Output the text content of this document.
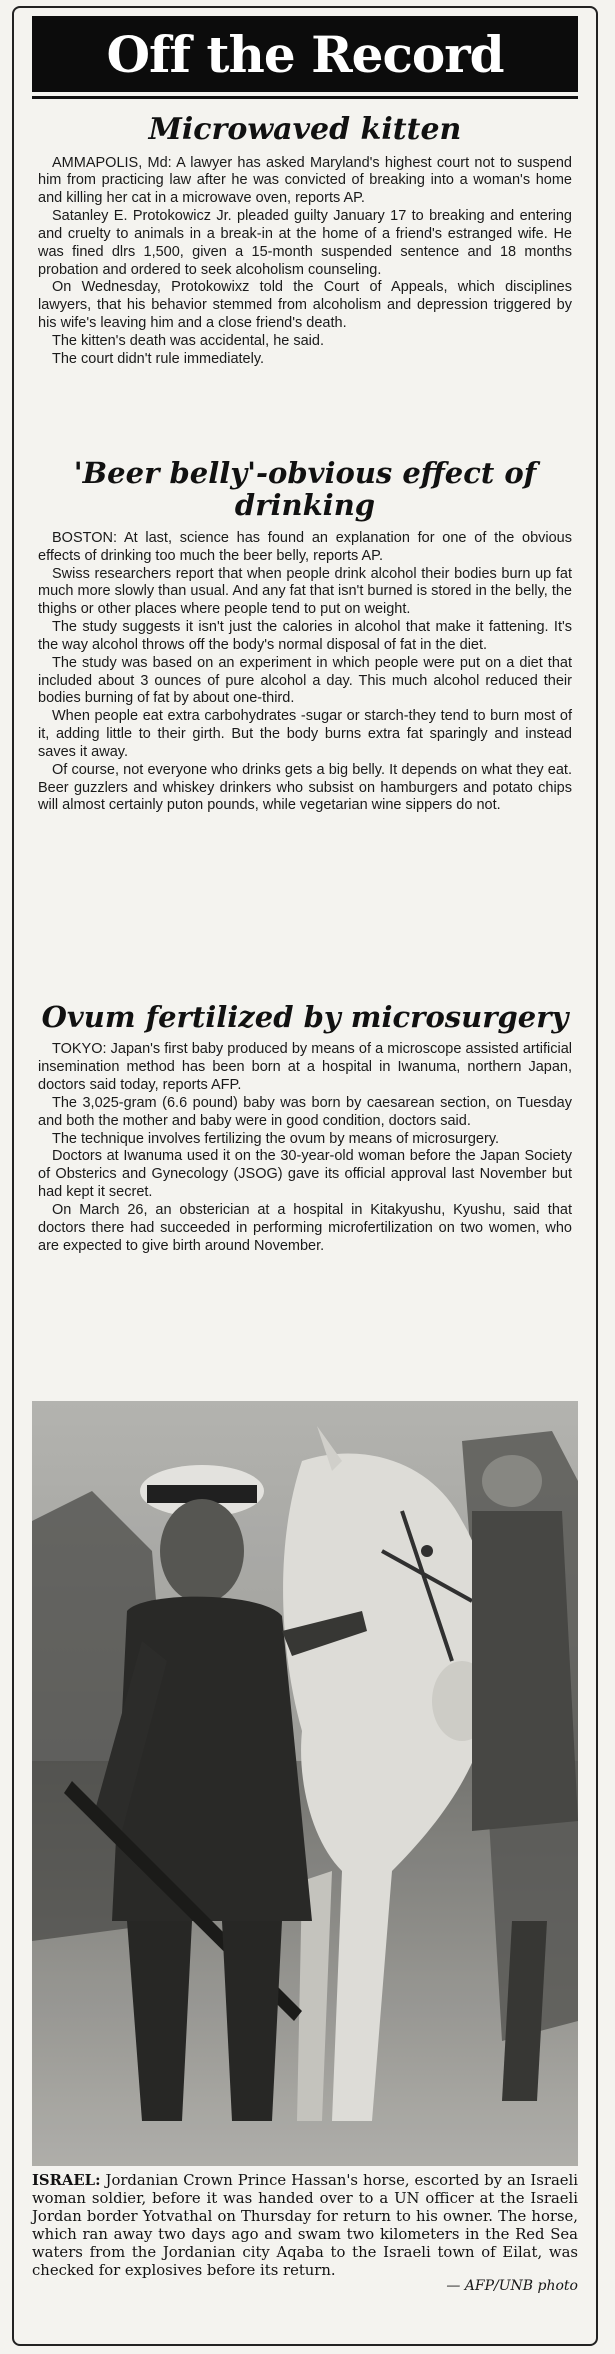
Off the Record
Microwaved kitten

AMMAPOLIS, Md: A lawyer has asked Maryland's highest court not to suspend him from practicing law after he was convicted of breaking into a woman's home and killing her cat in a microwave oven, reports AP.

Satanley E. Protokowicz Jr. pleaded guilty January 17 to breaking and entering and cruelty to animals in a break-in at the home of a friend's estranged wife. He was fined dlrs 1,500, given a 15-month suspended sentence and 18 months probation and ordered to seek alcoholism counseling.

On Wednesday, Protokowixz told the Court of Appeals, which disciplines lawyers, that his behavior stemmed from alcoholism and depression triggered by his wife's leaving him and a close friend's death.

The kitten's death was accidental, he said.

The court didn't rule immediately.

'Beer belly'-obvious effect of drinking

BOSTON: At last, science has found an explanation for one of the obvious effects of drinking too much the beer belly, reports AP.

Swiss researchers report that when people drink alcohol their bodies burn up fat much more slowly than usual. And any fat that isn't burned is stored in the belly, the thighs or other places where people tend to put on weight.

The study suggests it isn't just the calories in alcohol that make it fattening. It's the way alcohol throws off the body's normal disposal of fat in the diet.

The study was based on an experiment in which people were put on a diet that included about 3 ounces of pure alcohol a day. This much alcohol reduced their bodies burning of fat by about one-third.

When people eat extra carbohydrates -sugar or starch-they tend to burn most of it, adding little to their girth. But the body burns extra fat sparingly and instead saves it away.

Of course, not everyone who drinks gets a big belly. It depends on what they eat. Beer guzzlers and whiskey drinkers who subsist on hamburgers and potato chips will almost certainly puton pounds, while vegetarian wine sippers do not.

Ovum fertilized by microsurgery

TOKYO: Japan's first baby produced by means of a microscope assisted artificial insemination method has been born at a hospital in Iwanuma, northern Japan, doctors said today, reports AFP.

The 3,025-gram (6.6 pound) baby was born by caesarean section, on Tuesday and both the mother and baby were in good condition, doctors said.

The technique involves fertilizing the ovum by means of microsurgery.

Doctors at Iwanuma used it on the 30-year-old woman before the Japan Society of Obsterics and Gynecology (JSOG) gave its official approval last November but had kept it secret.

On March 26, an obsterician at a hospital in Kitakyushu, Kyushu, said that doctors there had succeeded in performing microfertilization on two women, who are expected to give birth around November.

ISRAEL: Jordanian Crown Prince Hassan's horse, escorted by an Israeli woman soldier, before it was handed over to a UN officer at the Israeli Jordan border Yotvathal on Thursday for return to his owner. The horse, which ran away two days ago and swam two kilometers in the Red Sea waters from the Jordanian city Aqaba to the Israeli town of Eilat, was checked for explosives before its return.

— AFP/UNB photo
